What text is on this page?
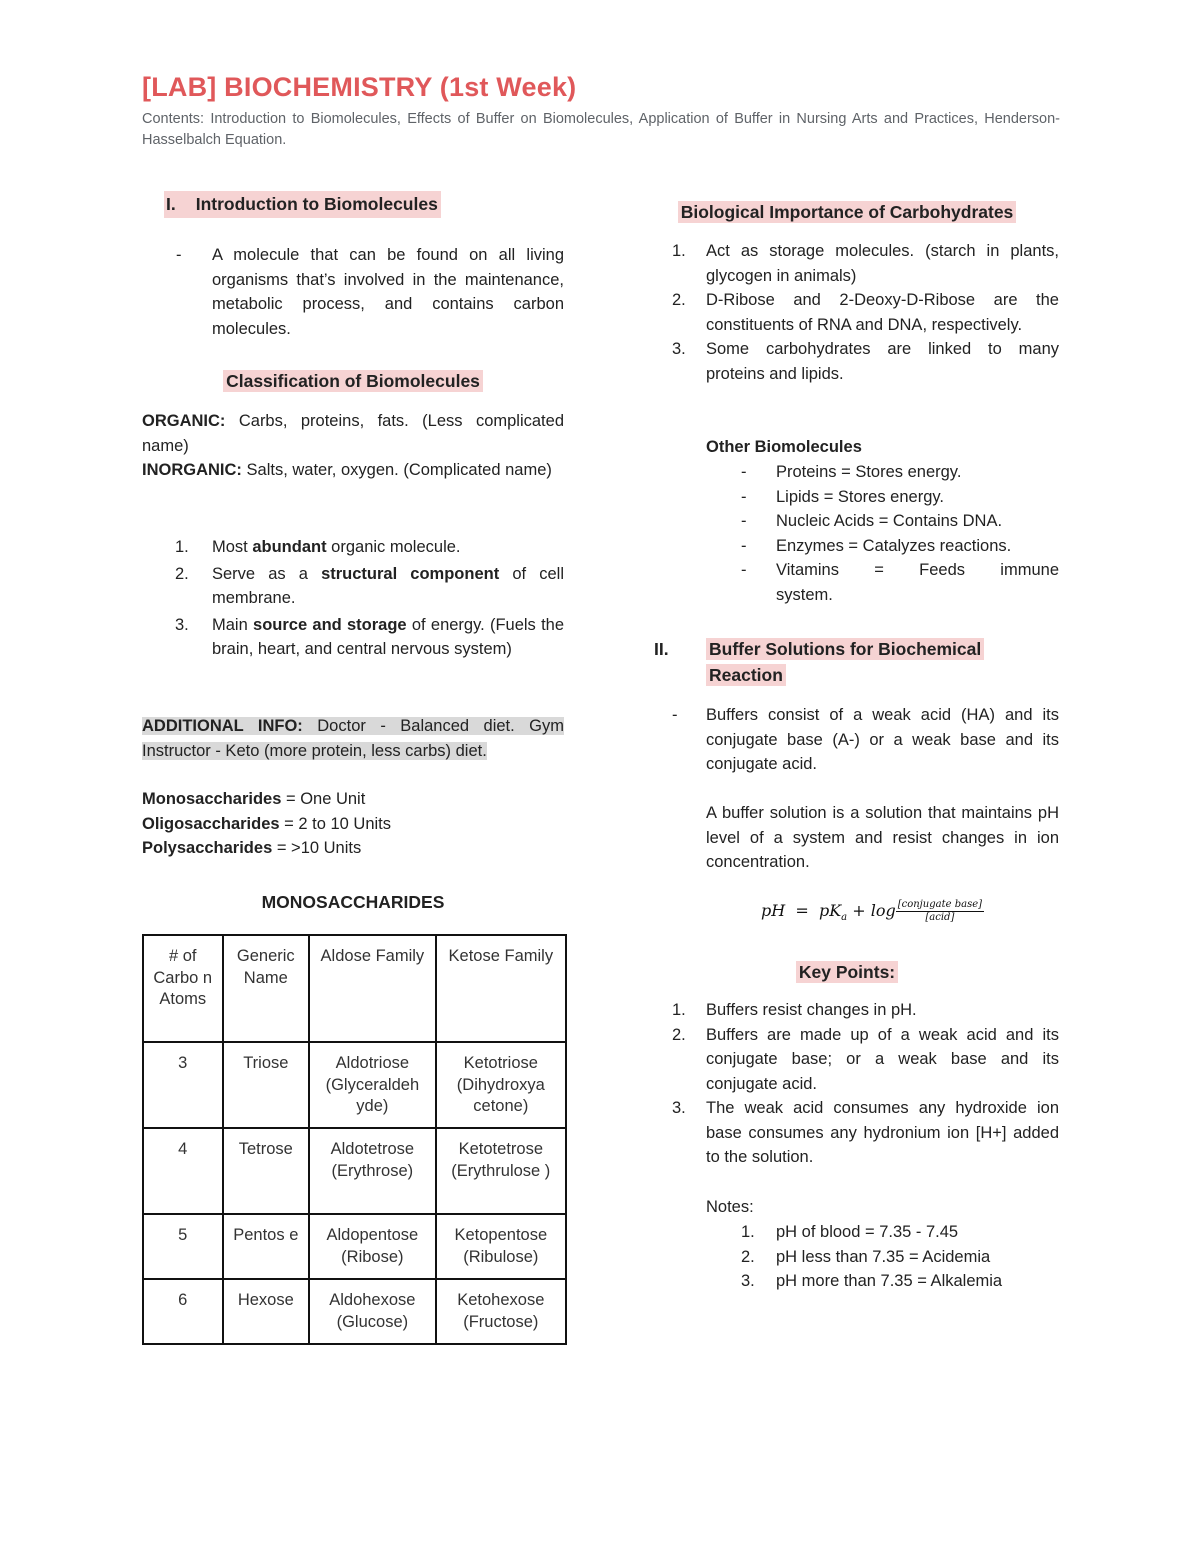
[LAB] BIOCHEMISTRY (1st Week)
Contents: Introduction to Biomolecules, Effects of Buffer on Biomolecules, Application of Buffer in Nursing Arts and Practices, Henderson-Hasselbalch Equation.
I.	Introduction to Biomolecules
-	A molecule that can be found on all living organisms that’s involved in the maintenance, metabolic process, and contains carbon molecules.
Classification of Biomolecules
ORGANIC: Carbs, proteins, fats. (Less complicated name)
INORGANIC: Salts, water, oxygen. (Complicated name)
1.	Most abundant organic molecule.
2.	Serve as a structural component of cell membrane.
3.	Main source and storage of energy. (Fuels the brain, heart, and central nervous system)
ADDITIONAL INFO: Doctor - Balanced diet. Gym Instructor - Keto (more protein, less carbs) diet.
Monosaccharides = One Unit
Oligosaccharides = 2 to 10 Units
Polysaccharides = >10 Units
MONOSACCHARIDES
# of Carbo n Atoms	Generic Name	Aldose Family	Ketose Family
3	Triose	Aldotriose (Glyceraldeh yde)	Ketotriose (Dihydroxya cetone)
4	Tetrose	Aldotetrose (Erythrose)	Ketotetrose (Erythrulose )
5	Pentos e	Aldopentose (Ribose)	Ketopentose (Ribulose)
6	Hexose	Aldohexose (Glucose)	Ketohexose (Fructose)
Biological Importance of Carbohydrates
1.	Act as storage molecules. (starch in plants, glycogen in animals)
2.	D-Ribose and 2-Deoxy-D-Ribose are the constituents of RNA and DNA, respectively.
3.	Some carbohydrates are linked to many proteins and lipids.
Other Biomolecules
-	Proteins = Stores energy.
-	Lipids = Stores energy.
-	Nucleic Acids = Contains DNA.
-	Enzymes = Catalyzes reactions.
-	Vitamins = Feeds immune system.
II.	Buffer Solutions for Biochemical Reaction
-	Buffers consist of a weak acid (HA) and its conjugate base (A-) or a weak base and its conjugate acid.
A buffer solution is a solution that maintains pH level of a system and resist changes in ion concentration.
pH = $pK_a + \log \frac{\text{[conjugate base]}}{\text{[acid]}}$
Key Points:
1.	Buffers resist changes in pH.
2.	Buffers are made up of a weak acid and its conjugate base; or a weak base and its conjugate acid.
3.	The weak acid consumes any hydroxide ion base consumes any hydronium ion [H+] added to the solution.
Notes:
1.	pH of blood = 7.35 - 7.45
2.	pH less than 7.35 = Acidemia
3.	pH more than 7.35 = Alkalemia
